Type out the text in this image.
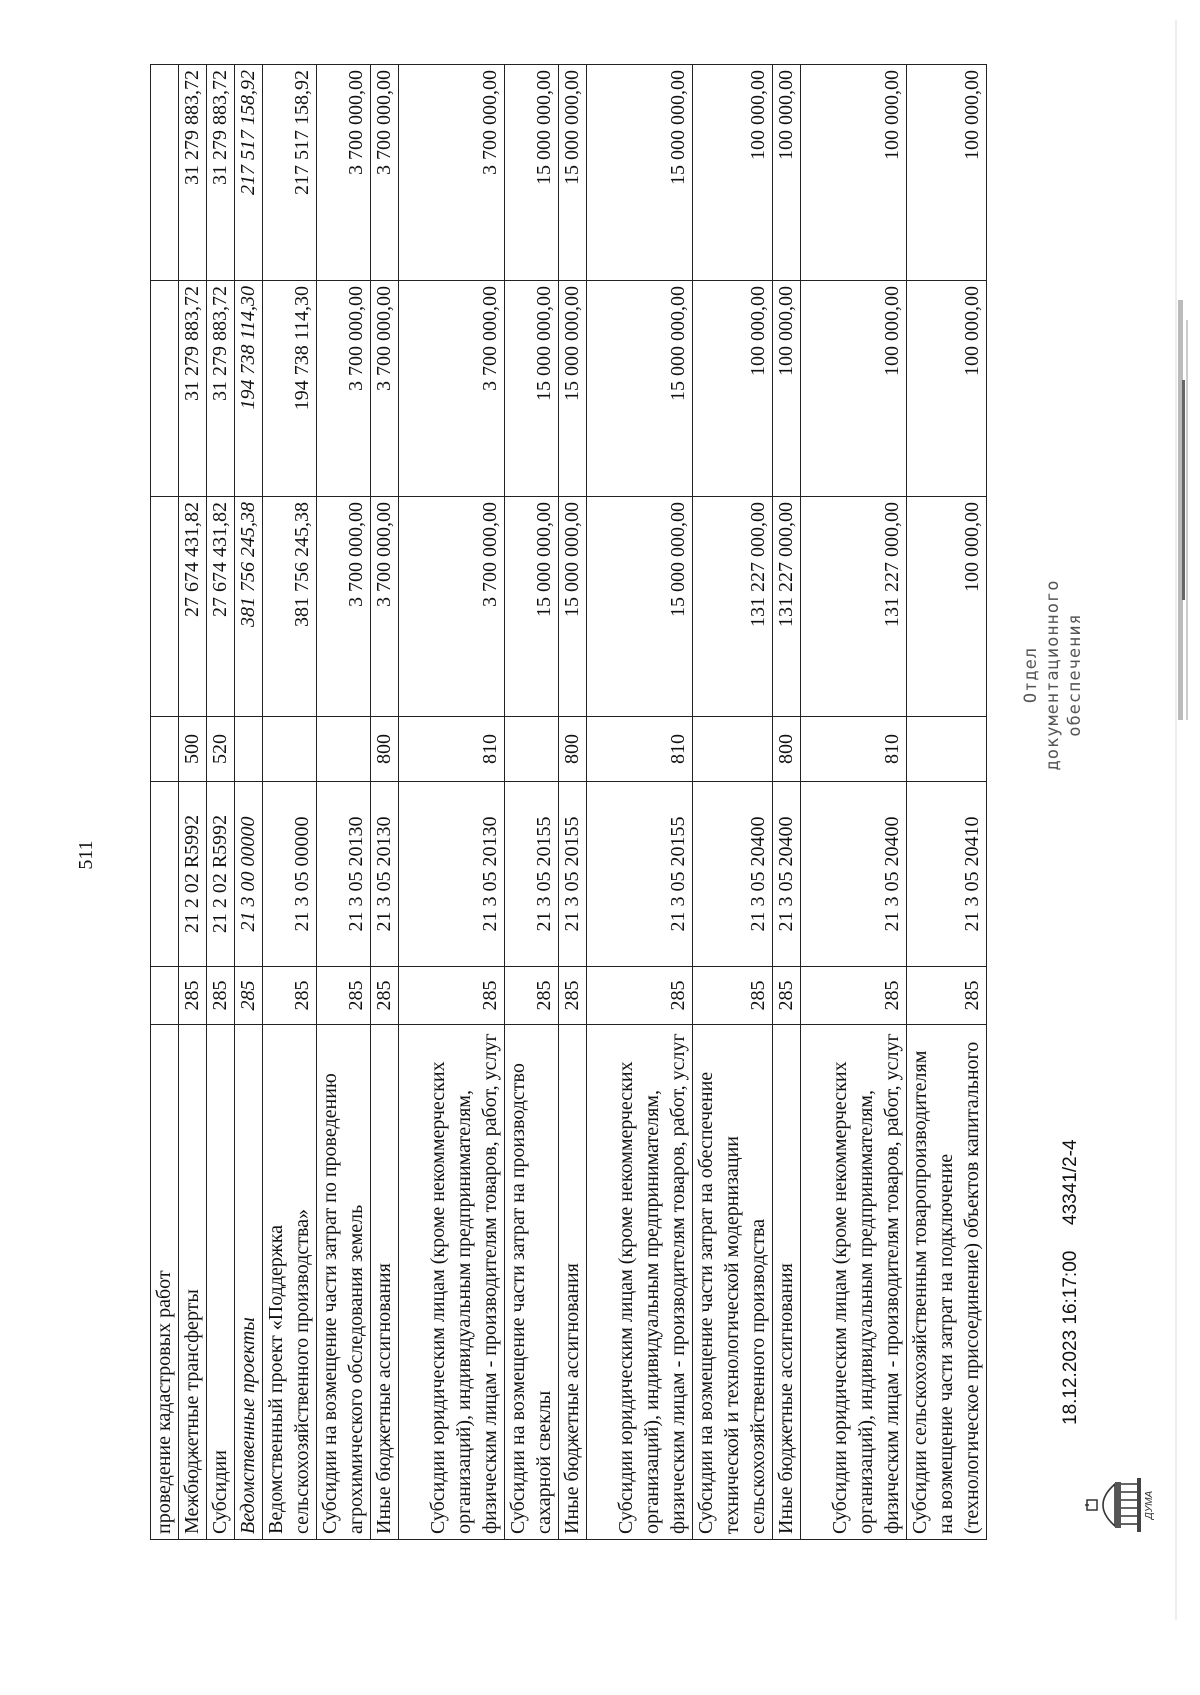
511
проведение кадастровых работ						
Межбюджетные трансферты	285	21 2 02 R5992	500	27 674 431,82	31 279 883,72	31 279 883,72
Субсидии	285	21 2 02 R5992	520	27 674 431,82	31 279 883,72	31 279 883,72
Ведомственные проекты	285	21 3 00 00000		381 756 245,38	194 738 114,30	217 517 158,92
Ведомственный проект «Поддержка сельскохозяйственного производства»	285	21 3 05 00000		381 756 245,38	194 738 114,30	217 517 158,92
Субсидии на возмещение части затрат по проведению агрохимического обследования земель	285	21 3 05 20130		3 700 000,00	3 700 000,00	3 700 000,00
Иные бюджетные ассигнования	285	21 3 05 20130	800	3 700 000,00	3 700 000,00	3 700 000,00
Субсидии юридическим лицам (кроме некоммерческих организаций), индивидуальным предпринимателям, физическим лицам - производителям товаров, работ, услуг	285	21 3 05 20130	810	3 700 000,00	3 700 000,00	3 700 000,00
Субсидии на возмещение части затрат на производство сахарной свеклы	285	21 3 05 20155		15 000 000,00	15 000 000,00	15 000 000,00
Иные бюджетные ассигнования	285	21 3 05 20155	800	15 000 000,00	15 000 000,00	15 000 000,00
Субсидии юридическим лицам (кроме некоммерческих организаций), индивидуальным предпринимателям, физическим лицам - производителям товаров, работ, услуг	285	21 3 05 20155	810	15 000 000,00	15 000 000,00	15 000 000,00
Субсидии на возмещение части затрат на обеспечение технической и технологической модернизации сельскохозяйственного производства	285	21 3 05 20400		131 227 000,00	100 000,00	100 000,00
Иные бюджетные ассигнования	285	21 3 05 20400	800	131 227 000,00	100 000,00	100 000,00
Субсидии юридическим лицам (кроме некоммерческих организаций), индивидуальным предпринимателям, физическим лицам - производителям товаров, работ, услуг	285	21 3 05 20400	810	131 227 000,00	100 000,00	100 000,00
Субсидии сельскохозяйственным товаропроизводителям на возмещение части затрат на подключение (технологическое присоединение) объектов капитального	285	21 3 05 20410		100 000,00	100 000,00	100 000,00
18.12.2023 16:17:00
43341/2-4
Отдел документационного обеспечения
ДУМА
